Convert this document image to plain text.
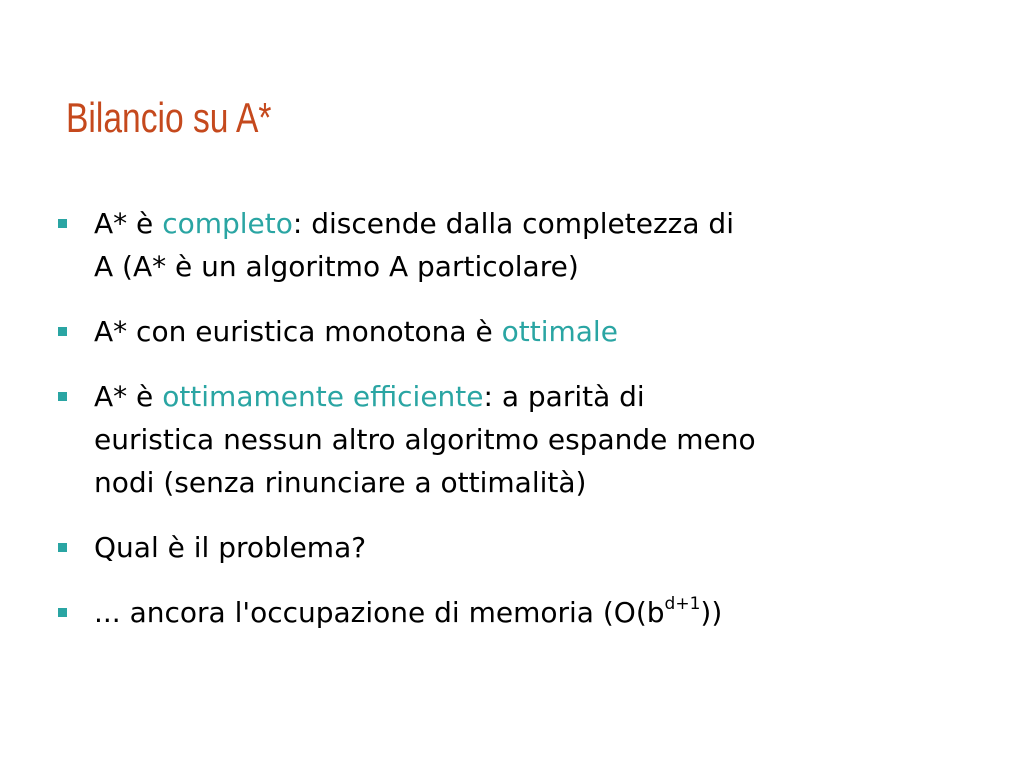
Bilancio su A*
A* è completo: discende dalla completezza di
A (A* è un algoritmo A particolare)
A* con euristica monotona è ottimale
A* è ottimamente efficiente: a parità di
euristica nessun altro algoritmo espande meno
nodi (senza rinunciare a ottimalità)
Qual è il problema?
... ancora l'occupazione di memoria $(O(b^{d+1}))$
